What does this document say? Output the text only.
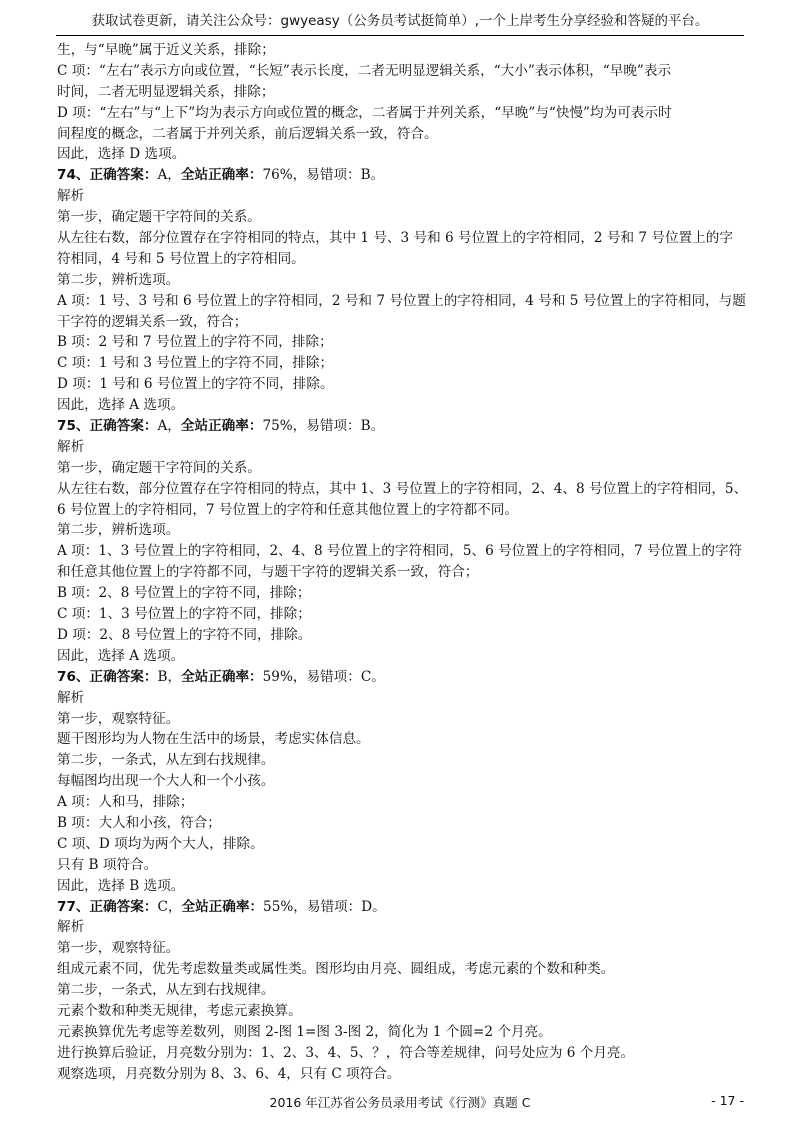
获取试卷更新，请关注公众号：gwyeasy（公务员考试挺简单）,一个上岸考生分享经验和答疑的平台。
生，与“早晚”属于近义关系，排除；
C 项：“左右”表示方向或位置，“长短”表示长度，二者无明显逻辑关系，“大小”表示体积，“早晚”表示
时间，二者无明显逻辑关系，排除；
D 项：“左右”与“上下”均为表示方向或位置的概念，二者属于并列关系，“早晚”与“快慢”均为可表示时
间程度的概念，二者属于并列关系，前后逻辑关系一致，符合。
因此，选择 D 选项。
74、正确答案：A，全站正确率：76%，易错项：B。
解析
第一步，确定题干字符间的关系。
从左往右数，部分位置存在字符相同的特点，其中 1 号、3 号和 6 号位置上的字符相同，2 号和 7 号位置上的字
符相同，4 号和 5 号位置上的字符相同。
第二步，辨析选项。
A 项：1 号、3 号和 6 号位置上的字符相同，2 号和 7 号位置上的字符相同，4 号和 5 号位置上的字符相同，与题
干字符的逻辑关系一致，符合；
B 项：2 号和 7 号位置上的字符不同，排除；
C 项：1 号和 3 号位置上的字符不同，排除；
D 项：1 号和 6 号位置上的字符不同，排除。
因此，选择 A 选项。
75、正确答案：A，全站正确率：75%，易错项：B。
解析
第一步，确定题干字符间的关系。
从左往右数，部分位置存在字符相同的特点，其中 1、3 号位置上的字符相同，2、4、8 号位置上的字符相同，5、
6 号位置上的字符相同，7 号位置上的字符和任意其他位置上的字符都不同。
第二步，辨析选项。
A 项：1、3 号位置上的字符相同，2、4、8 号位置上的字符相同，5、6 号位置上的字符相同，7 号位置上的字符
和任意其他位置上的字符都不同，与题干字符的逻辑关系一致，符合；
B 项：2、8 号位置上的字符不同，排除；
C 项：1、3 号位置上的字符不同，排除；
D 项：2、8 号位置上的字符不同，排除。
因此，选择 A 选项。
76、正确答案：B，全站正确率：59%，易错项：C。
解析
第一步，观察特征。
题干图形均为人物在生活中的场景，考虑实体信息。
第二步，一条式，从左到右找规律。
每幅图均出现一个大人和一个小孩。
A 项：人和马，排除；
B 项：大人和小孩，符合；
C 项、D 项均为两个大人，排除。
只有 B 项符合。
因此，选择 B 选项。
77、正确答案：C，全站正确率：55%，易错项：D。
解析
第一步，观察特征。
组成元素不同，优先考虑数量类或属性类。图形均由月亮、圆组成，考虑元素的个数和种类。
第二步，一条式，从左到右找规律。
元素个数和种类无规律，考虑元素换算。
元素换算优先考虑等差数列，则图 2-图 1=图 3-图 2，简化为 1 个圆=2 个月亮。
进行换算后验证，月亮数分别为：1、2、3、4、5、？，符合等差规律，问号处应为 6 个月亮。
观察选项，月亮数分别为 8、3、6、4，只有 C 项符合。
2016 年江苏省公务员录用考试《行测》真题 C	- 17 -
